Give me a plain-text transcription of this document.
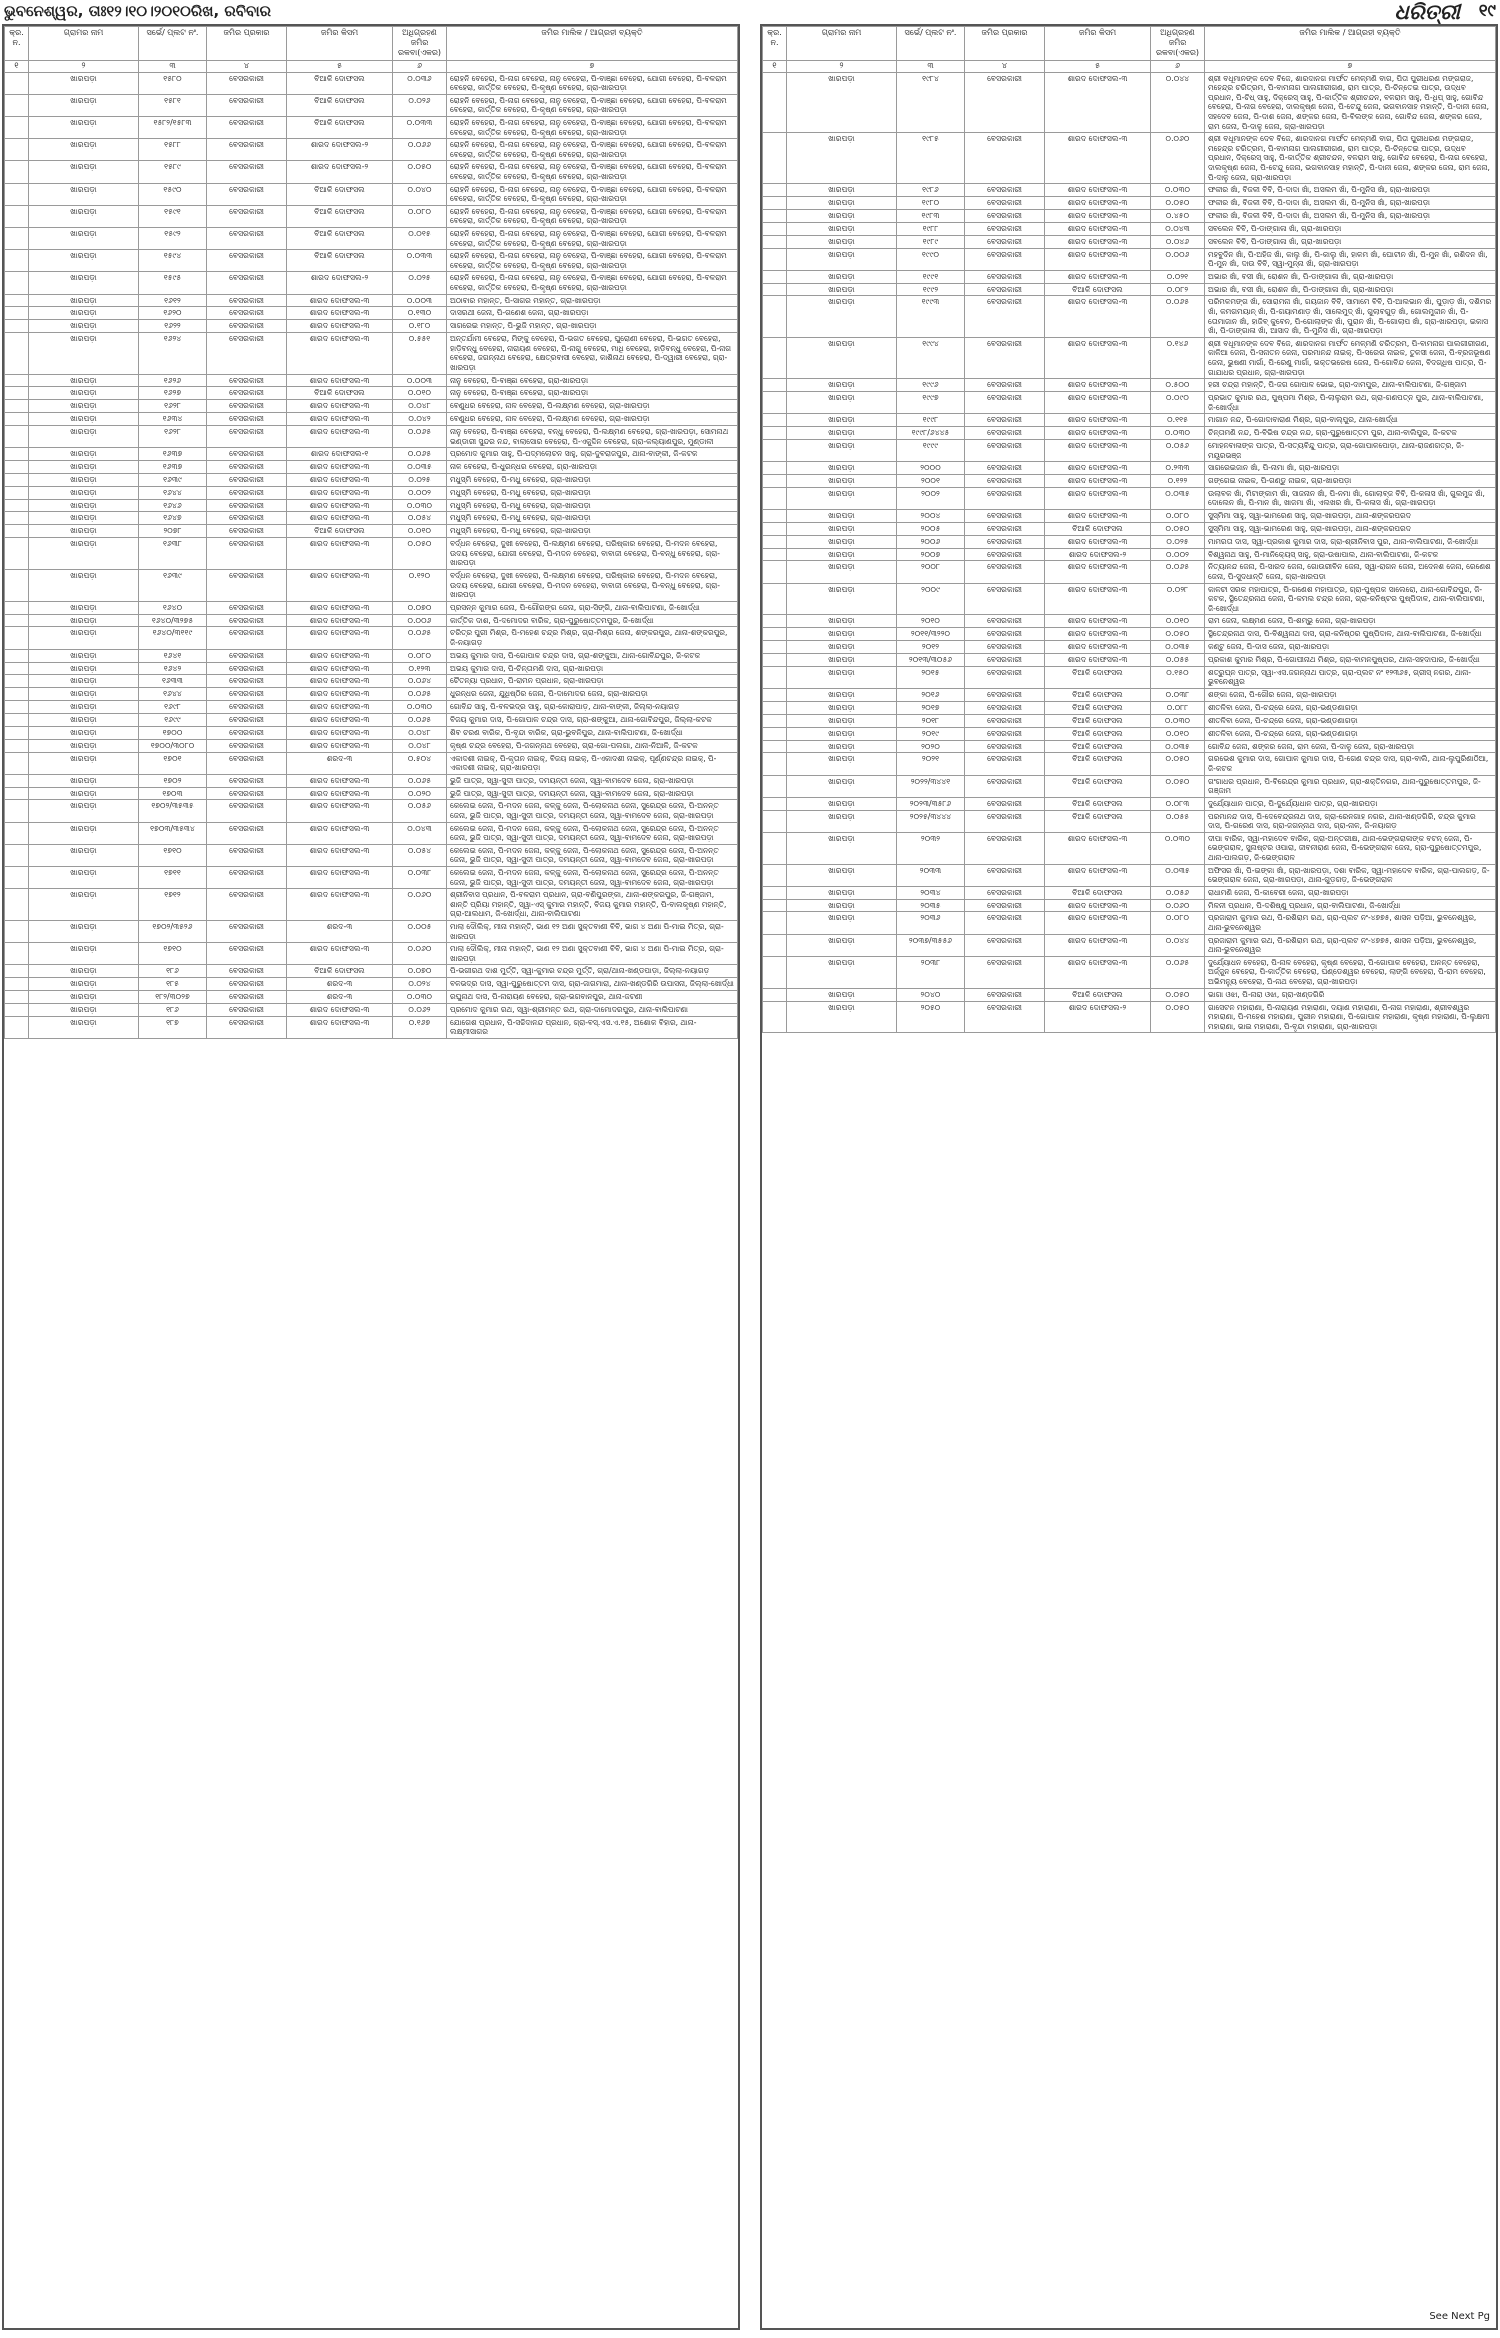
ଭୁବନେଶ୍ୱର, ତାଃ୧୨।୧୦।୨୦୧୦ରିଖ, ରବିବାର	ଧରିତ୍ରୀ ୧୯
କ୍ର. ନ.	ଗ୍ରାମର ନାମ	ସର୍ଭେ/ ପ୍ଲଟ ନଂ.	ଜମିର ପ୍ରକାର	ଜମିର କିସମ	ଅଧିଗ୍ରହଣ ଜମିର ରକବା(ଏକର)	ଜମିର ମାଲିକ / ଆଗ୍ରହୀ ବ୍ୟକ୍ତି
୧	୨	୩	୪	୫	୬	୭
	ଖାରପଡ଼ା	୧୫୮୦	ବେସରକାରୀ	ବିଆଳି ଦୋଫସଲ	୦.୦୩୬	ରୋହନି ବେହେରା, ପି-ନାଗ ବେହେରା, ନାନୁ ବେହେରା, ପି-ବାଞ୍ଛା ବେହେରା, ଯୋଗୀ ବେହେରା, ପି-ବଳରାମ ବେହେରା, କାର୍ତ୍ତିକ ବେହେରା, ପି-କୃଷ୍ଣ ବେହେରା, ଗ୍ରା-ଖାରପଡ଼ା
	ଖାରପଡ଼ା	୧୫୮୧	ବେସରକାରୀ	ବିଆଳି ଦୋଫସଲ	୦.୦୨୬	ରୋହନି ବେହେରା, ପି-ନାଗ ବେହେରା, ନାନୁ ବେହେରା, ପି-ବାଞ୍ଛା ବେହେରା, ଯୋଗୀ ବେହେରା, ପି-ବଳରାମ ବେହେରା, କାର୍ତ୍ତିକ ବେହେରା, ପି-କୃଷ୍ଣ ବେହେରା, ଗ୍ରା-ଖାରପଡ଼ା
	ଖାରପଡ଼ା	୧୫୮୨/୧୫୮୩	ବେସରକାରୀ	ବିଆଳି ଦୋଫସଲ	୦.୦୩୩	ରୋହନି ବେହେରା, ପି-ନାଗ ବେହେରା, ନାନୁ ବେହେରା, ପି-ବାଞ୍ଛା ବେହେରା, ଯୋଗୀ ବେହେରା, ପି-ବଳରାମ ବେହେରା, କାର୍ତ୍ତିକ ବେହେରା, ପି-କୃଷ୍ଣ ବେହେରା, ଗ୍ରା-ଖାରପଡ଼ା
	ଖାରପଡ଼ା	୧୫୮୮	ବେସରକାରୀ	ଶାରଦ ଦୋଫସଲ-୨	୦.୦୬୬	ରୋହନି ବେହେରା, ପି-ନାଗ ବେହେରା, ନାନୁ ବେହେରା, ପି-ବାଞ୍ଛା ବେହେରା, ଯୋଗୀ ବେହେରା, ପି-ବଳରାମ ବେହେରା, କାର୍ତ୍ତିକ ବେହେରା, ପି-କୃଷ୍ଣ ବେହେରା, ଗ୍ରା-ଖାରପଡ଼ା
	ଖାରପଡ଼ା	୧୫୮୯	ବେସରକାରୀ	ଶାରଦ ଦୋଫସଲ-୨	୦.୦୫୦	ରୋହନି ବେହେରା, ପି-ନାଗ ବେହେରା, ନାନୁ ବେହେରା, ପି-ବାଞ୍ଛା ବେହେରା, ଯୋଗୀ ବେହେରା, ପି-ବଳରାମ ବେହେରା, କାର୍ତ୍ତିକ ବେହେରା, ପି-କୃଷ୍ଣ ବେହେରା, ଗ୍ରା-ଖାରପଡ଼ା
	ଖାରପଡ଼ା	୧୫୯୦	ବେସରକାରୀ	ବିଆଳି ଦୋଫସଲ	୦.୦୪୦	ରୋହନି ବେହେରା, ପି-ନାଗ ବେହେରା, ନାନୁ ବେହେରା, ପି-ବାଞ୍ଛା ବେହେରା, ଯୋଗୀ ବେହେରା, ପି-ବଳରାମ ବେହେରା, କାର୍ତ୍ତିକ ବେହେରା, ପି-କୃଷ୍ଣ ବେହେରା, ଗ୍ରା-ଖାରପଡ଼ା
	ଖାରପଡ଼ା	୧୫୯୧	ବେସରକାରୀ	ବିଆଳି ଦୋଫସଲ	୦.୦୮୦	ରୋହନି ବେହେରା, ପି-ନାଗ ବେହେରା, ନାନୁ ବେହେରା, ପି-ବାଞ୍ଛା ବେହେରା, ଯୋଗୀ ବେହେରା, ପି-ବଳରାମ ବେହେରା, କାର୍ତ୍ତିକ ବେହେରା, ପି-କୃଷ୍ଣ ବେହେରା, ଗ୍ରା-ଖାରପଡ଼ା
	ଖାରପଡ଼ା	୧୫୯୨	ବେସରକାରୀ	ବିଆଳି ଦୋଫସଲ	୦.୦୧୫	ରୋହନି ବେହେରା, ପି-ନାଗ ବେହେରା, ନାନୁ ବେହେରା, ପି-ବାଞ୍ଛା ବେହେରା, ଯୋଗୀ ବେହେରା, ପି-ବଳରାମ ବେହେରା, କାର୍ତ୍ତିକ ବେହେରା, ପି-କୃଷ୍ଣ ବେହେରା, ଗ୍ରା-ଖାରପଡ଼ା
	ଖାରପଡ଼ା	୧୫୯୪	ବେସରକାରୀ	ବିଆଳି ଦୋଫସଲ	୦.୦୩୩	ରୋହନି ବେହେରା, ପି-ନାଗ ବେହେରା, ନାନୁ ବେହେରା, ପି-ବାଞ୍ଛା ବେହେରା, ଯୋଗୀ ବେହେରା, ପି-ବଳରାମ ବେହେରା, କାର୍ତ୍ତିକ ବେହେରା, ପି-କୃଷ୍ଣ ବେହେରା, ଗ୍ରା-ଖାରପଡ଼ା
	ଖାରପଡ଼ା	୧୫୯୫	ବେସରକାରୀ	ଶାରଦ ଦୋଫସଲ-୨	୦.୦୨୫	ରୋହନି ବେହେରା, ପି-ନାଗ ବେହେରା, ନାନୁ ବେହେରା, ପି-ବାଞ୍ଛା ବେହେରା, ଯୋଗୀ ବେହେରା, ପି-ବଳରାମ ବେହେରା, କାର୍ତ୍ତିକ ବେହେରା, ପି-କୃଷ୍ଣ ବେହେରା, ଗ୍ରା-ଖାରପଡ଼ା
	ଖାରପଡ଼ା	୧୬୧୨	ବେସରକାରୀ	ଶାରଦ ଦୋଫସଲ-୩	୦.୦୦୩	ଅଠାବାର ମହାନ୍ତ, ପି-ସାଗର ମହାନ୍ତ, ଗ୍ରା-ଖାରପଡ଼ା
	ଖାରପଡ଼ା	୧୬୨୦	ବେସରକାରୀ	ଶାରଦ ଦୋଫସଲ-୩	୦.୧୩୦	ଦାସରଥୀ ଜେନା, ପି-ଗଣେଶ ଜେନା, ଗ୍ରା-ଖାରପଡ଼ା
	ଖାରପଡ଼ା	୧୬୨୨	ବେସରକାରୀ	ଶାରଦ ଦୋଫସଲ-୩	୦.୧୮୦	ସାଗରେଇ ମହାନ୍ତ, ପି-ଭୁଜି ମହାନ୍ତ, ଗ୍ରା-ଖାରପଡ଼ା
	ଖାରପଡ଼ା	୧୬୨୪	ବେସରକାରୀ	ଶାରଦ ଦୋଫସଲ-୩	୦.୫୫୧	ଅନ୍ତର୍ଯାମୀ ବେହେରା, ମିଙ୍କୁ ବେହେରା, ପି-ଭଗତ ବେହେରା, ଘୁରୋଣୀ ବେହେରା, ପି-ଭଗତ ବେହେରା, ହାଡ଼ିବନ୍ଧୁ ବେହେରା, ନାରାୟଣ ବେହେରା, ପି-ନାଗୁ ବେହେରା, ମାଧି ବେହେରା, ହାଡ଼ିବନ୍ଧୁ ବେହେରା, ପି-ନାଗ ବେହେରା, ଜଗନ୍ନାଥ ବେହେରା, କ୍ଷେତ୍ରବାସୀ ବେହେରା, କାଶିନାଥ ବେହେରା, ପି-ଦ୍ୱାରୀ ବେହେରା, ଗ୍ରା-ଖାରପଡ଼ା
	ଖାରପଡ଼ା	୧୬୨୬	ବେସରକାରୀ	ଶାରଦ ଦୋଫସଲ-୩	୦.୦୦୩	ନାନୁ ବେହେରା, ପି-ବାଞ୍ଛା ବେହେରା, ଗ୍ରା-ଖାରପଡ଼ା
	ଖାରପଡ଼ା	୧୬୨୭	ବେସରକାରୀ	ବିଆଳି ଦୋଫସଲ	୦.୦୧୦	ନାନୁ ବେହେରା, ପି-ବାଞ୍ଛା ବେହେରା, ଗ୍ରା-ଖାରପଡ଼ା
	ଖାରପଡ଼ା	୧୬୨୮	ବେସରକାରୀ	ଶାରଦ ଦୋଫସଲ-୩	୦.୦୪୮	ବେଣୁଧର ବେହେରା, ନାଳ ବେହେରା, ପି-ଲକ୍ଷ୍ମଣ ବେହେରା, ଗ୍ରା-ଖାରପଡ଼ା
	ଖାରପଡ଼ା	୧୬୩୪	ବେସରକାରୀ	ଶାରଦ ଦୋଫସଲ-୩	୦.୦୪୨	ବେଣୁଧର ବେହେରା, ନାଳ ବେହେରା, ପି-ଲକ୍ଷ୍ମଣ ବେହେରା, ଗ୍ରା-ଖାରପଡ଼ା
	ଖାରପଡ଼ା	୧୬୨୮	ବେସରକାରୀ	ଶାରଦ ଦୋଫସଲ-୩	୦.୦୬୫	ନାନୁ ବେହେରା, ପି-ବାଞ୍ଛା ବେହେରା, ବନ୍ଧୁ ବେହେରା, ପି-ଲକ୍ଷ୍ମଣ ବେହେରା, ଗ୍ରା-ଖାରପଡ଼ା, ସୋମନାଥ ଭଣ୍ଡାରୀ ସୁନ୍ଦର ନନ୍ଦ, ବାଲାସୋର ବେହେରା, ପି-ଏକୁଦ୍ଦିନ ବେହେରା, ଗ୍ରା-କଲ୍ୟାଣପୁର, ମୁଣ୍ଡାଳୀ
	ଖାରପଡ଼ା	୧୬୩୭	ବେସରକାରୀ	ଶାରଦ ଦୋଫସଲ-୧	୦.୦୬୫	ପ୍ରମୋଦ କୁମାର ସାହୁ, ପି-ପଦ୍ମଲୋଚନ ସାହୁ, ଗ୍ରା-ଦୁବରାଜପୁର, ଥାନା-ବାଙ୍କୀ, ଜି-କଟକ
	ଖାରପଡ଼ା	୧୬୩୭	ବେସରକାରୀ	ଶାରଦ ଦୋଫସଲ-୩	୦.୦୩୫	ନାଳ ବେହେରା, ପି-ଧୁରନ୍ଧର ବେହେରା, ଗ୍ରା-ଖାରପଡ଼ା
	ଖାରପଡ଼ା	୧୬୩୯	ବେସରକାରୀ	ଶାରଦ ଦୋଫସଲ-୩	୦.୦୨୫	ମଧୁସ୍ମି ବେହେରା, ପି-ମଧୁ ବେହେରା, ଗ୍ରା-ଖାରପଡ଼ା
	ଖାରପଡ଼ା	୧୬୪୪	ବେସରକାରୀ	ଶାରଦ ଦୋଫସଲ-୩	୦.୦୦୨	ମଧୁସ୍ମି ବେହେରା, ପି-ମଧୁ ବେହେରା, ଗ୍ରା-ଖାରପଡ଼ା
	ଖାରପଡ଼ା	୧୬୪୬	ବେସରକାରୀ	ଶାରଦ ଦୋଫସଲ-୩	୦.୦୩୦	ମଧୁସ୍ମି ବେହେରା, ପି-ମଧୁ ବେହେରା, ଗ୍ରା-ଖାରପଡ଼ା
	ଖାରପଡ଼ା	୧୬୪୭	ବେସରକାରୀ	ଶାରଦ ଦୋଫସଲ-୩	୦.୦୫୪	ମଧୁସ୍ମି ବେହେରା, ପି-ମଧୁ ବେହେରା, ଗ୍ରା-ଖାରପଡ଼ା
	ଖାରପଡ଼ା	୨୦୭୮	ବେସରକାରୀ	ବିଆଳି ଦୋଫସଲ	୦.୦୧୦	ମଧୁସ୍ମି ବେହେରା, ପି-ମଧୁ ବେହେରା, ଗ୍ରା-ଖାରପଡ଼ା
	ଖାରପଡ଼ା	୧୬୩୮	ବେସରକାରୀ	ଶାରଦ ଦୋଫସଲ-୩	୦.୦୫୦	ବର୍ଦ୍ଧନ ବେହେରା, ଦୁଖୀ ବେହେରା, ପି-ଲକ୍ଷ୍ମଣ ବେହେରା, ପରିଷ୍କାର ବେହେରା, ପି-ମଦନ ବେହେରା, ଉଦୟ ବେହେରା, ଯୋଗୀ ବେହେରା, ପି-ମଦନ ବେହେରା, ବାବାଜୀ ବେହେରା, ପି-ବନ୍ଧୁ ବେହେରା, ଗ୍ରା-ଖାରପଡ଼ା
	ଖାରପଡ଼ା	୧୬୩୯	ବେସରକାରୀ	ଶାରଦ ଦୋଫସଲ-୩	୦.୧୨୦	ବର୍ଦ୍ଧନ ବେହେରା, ଦୁଖୀ ବେହେରା, ପି-ଲକ୍ଷ୍ମଣ ବେହେରା, ପରିଷ୍କାର ବେହେରା, ପି-ମଦନ ବେହେରା, ଉଦୟ ବେହେରା, ଯୋଗୀ ବେହେରା, ପି-ମଦନ ବେହେରା, ବାବାଜୀ ବେହେରା, ପି-ବନ୍ଧୁ ବେହେରା, ଗ୍ରା-ଖାରପଡ଼ା
	ଖାରପଡ଼ା	୧୬୪୦	ବେସରକାରୀ	ଶାରଦ ଦୋଫସଲ-୩	୦.୦୭୦	ପ୍ରସନ୍ନ କୁମାର ଜେନା, ପି-ଗୌରଙ୍ଗ ଜେନା, ଗ୍ରା-ସିଙ୍ଗି, ଥାନା-ବାଲିପାଟଣା, ଜି-ଖୋର୍ଦ୍ଧା
	ଖାରପଡ଼ା	୧୬୪୦/୩୨୭୫	ବେସରକାରୀ	ଶାରଦ ଦୋଫସଲ-୩	୦.୦୦୬	କାର୍ତ୍ତିକ ଦାଶ, ପି-ଦମୋଦର ବାରିକ, ଗ୍ରା-ପୁରୁଷୋତ୍ତମପୁର, ଜି-ଖୋର୍ଦ୍ଧା
	ଖାରପଡ଼ା	୧୬୪୦/୩୧୧୯	ବେସରକାରୀ	ଶାରଦ ଦୋଫସଲ-୩	୦.୦୬୫	ଚରିତ୍ର ପୁରୀ ମିଶ୍ର, ପି-ମହେଶ ଚନ୍ଦ୍ର ମିଶ୍ର, ଗ୍ରା-ମିଶ୍ର ଜେନା, ଶଙ୍କରପୁର, ଥାନା-ଶଙ୍କରପୁର, ଜି-ନୟାଗଡ଼
	ଖାରପଡ଼ା	୧୬୪୧	ବେସରକାରୀ	ଶାରଦ ଦୋଫସଲ-୩	୦.୦୮୦	ଅଭୟ କୁମାର ଦାସ, ପି-ଗୋପାଳ ଚନ୍ଦ୍ର ଦାସ, ଗ୍ରା-ଶଙ୍କୁଆ, ଥାନା-ଗୋବିନ୍ଦପୁର, ଜି-କଟକ
	ଖାରପଡ଼ା	୧୬୪୨	ବେସରକାରୀ	ଶାରଦ ଦୋଫସଲ-୩	୦.୧୨୩	ଅଭୟ କୁମାର ଦାସ, ପି-ଚିନ୍ତାମଣି ଦାସ, ଗ୍ରା-ଖାରପଡ଼ା
	ଖାରପଡ଼ା	୧୬୩୩	ବେସରକାରୀ	ଶାରଦ ଦୋଫସଲ-୩	୦.୦୬୪	ଚୈତନ୍ୟା ପ୍ରଧାନ, ପି-ରାମନ ପ୍ରଧାନ, ଗ୍ରା-ଖାରପଡ଼ା
	ଖାରପଡ଼ା	୧୬୪୪	ବେସରକାରୀ	ଶାରଦ ଦୋଫସଲ-୩	୦.୦୬୫	ଧୁରନ୍ଧର ଜେନା, ଯୁଧିଷ୍ଠିର ଜେନା, ପି-ଦାମୋଦର ଜେନା, ଗ୍ରା-ଖାରପଡ଼ା
	ଖାରପଡ଼ା	୧୬୯୮	ବେସରକାରୀ	ଶାରଦ ଦୋଫସଲ-୩	୦.୦୩୦	ଗୋବିନ୍ଦ ସାହୁ, ପି-ବଳଭଦ୍ର ସାହୁ, ଗ୍ରା-କୋରାପାଡ଼, ଥାନା-ବାଙ୍କୀ, ଜିଲ୍ଲା-ନୟାଗଡ଼
	ଖାରପଡ଼ା	୧୬୯୯	ବେସରକାରୀ	ଶାରଦ ଦୋଫସଲ-୩	୦.୦୬୫	ବିଜୟ କୁମାର ଦାସ, ପି-ଗୋପାଳ ଚନ୍ଦ୍ର ଦାସ, ଗ୍ରା-ଶଙ୍କୁଆ, ଥାନା-ଗୋବିନ୍ଦପୁର, ଜିଲ୍ଲା-କଟକ
	ଖାରପଡ଼ା	୧୭୦୦	ବେସରକାରୀ	ଶାରଦ ଦୋଫସଲ-୩	୦.୦୪୮	ଶିବ ଚରଣ ବାରିକ, ପି-ବୃନ୍ଦା ବାରିକ, ଗ୍ରା-ଭୁବନିପୁର, ଥାନା-ବାଲିପାଟଣା, ଜି-ଖୋର୍ଦ୍ଧା
	ଖାରପଡ଼ା	୧୭୦୦/୩୦୮୦	ବେସରକାରୀ	ଶାରଦ ଦୋଫସଲ-୩	୦.୦୪୮	କୃଷ୍ଣ ଚନ୍ଦ୍ର ବେହେରା, ପି-ଜଗନ୍ନାଥ ବେହେରା, ଗ୍ରା-ଗୋ-ପଲଗା, ଥାନା-ନିଆଳି, ଜି-କଟକ
	ଖାରପଡ଼ା	୧୭୦୧	ବେସରକାରୀ	ଶରଦ-୩	୦.୫୦୪	ଏକାଦଶୀ ନାଇକ୍, ପି-କୃତାନ ନାଇକ୍, ବିଜୟ ନାଇକ୍, ପି-ଏକାଦଶୀ ନାଇକ୍, ପୂର୍ଣ୍ଣଚନ୍ଦ୍ର ନାଇକ୍, ପି-ଏକାଦଶୀ ନାଇକ୍, ଗ୍ରା-ଖାରପଡ଼ା
	ଖାରପଡ଼ା	୧୭୦୨	ବେସରକାରୀ	ଶାରଦ ଦୋଫସଲ-୩	୦.୦୬୫	ଭୁଜି ପାତ୍ର, ସ୍ୱା-ସୁଦୀ ପାତ୍ର, ଦମୟନ୍ତୀ ଜେନା, ସ୍ୱା-ବାମଦେବ ଜେନା, ଗ୍ରା-ଖାରପଡ଼ା
	ଖାରପଡ଼ା	୧୭୦୩	ବେସରକାରୀ	ଶାରଦ ଦୋଫସଲ-୩	୦.୦୨୦	ଭୁଜି ପାତ୍ର, ସ୍ୱା-ସୁଦୀ ପାତ୍ର, ଦମୟନ୍ତୀ ଜେନା, ସ୍ୱା-ବାମଦେବ ଜେନା, ଗ୍ରା-ଖାରପଡ଼ା
	ଖାରପଡ଼ା	୧୭୦୨/୩୫୩୫	ବେସରକାରୀ	ଶାରଦ ଦୋଫସଲ-୩	୦.୦୫୬	କେଲେଇ ଜେନା, ପି-ମଦନ ଜେନା, କଳ୍କୁ ଜେନା, ପି-ଲୋକନାଥ ଜେନା, ସୁରେନ୍ଦ୍ର ଜେନା, ପି-ଅନନ୍ତ ଜେନା, ଭୁଜି ପାତ୍ର, ସ୍ୱା-ସୁଦୀ ପାତ୍ର, ଦମୟନ୍ତୀ ଜେନା, ସ୍ୱା-ବାମଦେବ ଜେନା, ଗ୍ରା-ଖାରପଡ଼ା
	ଖାରପଡ଼ା	୧୭୦୩/୩୫୩୪	ବେସରକାରୀ	ଶାରଦ ଦୋଫସଲ-୩	୦.୦୪୩	କେଲେଇ ଜେନା, ପି-ମଦନ ଜେନା, କଳ୍କୁ ଜେନା, ପି-ଲୋକନାଥ ଜେନା, ସୁରେନ୍ଦ୍ର ଜେନା, ପି-ଅନନ୍ତ ଜେନା, ଭୁଜି ପାତ୍ର, ସ୍ୱା-ସୁଦୀ ପାତ୍ର, ଦମୟନ୍ତୀ ଜେନା, ସ୍ୱା-ବାମଦେବ ଜେନା, ଗ୍ରା-ଖାରପଡ଼ା
	ଖାରପଡ଼ା	୧୭୧୦	ବେସରକାରୀ	ଶାରଦ ଦୋଫସଲ-୩	୦.୦୫୪	କେଲେଇ ଜେନା, ପି-ମଦନ ଜେନା, କଳ୍କୁ ଜେନା, ପି-ଲୋକନାଥ ଜେନା, ସୁରେନ୍ଦ୍ର ଜେନା, ପି-ଅନନ୍ତ ଜେନା, ଭୁଜି ପାତ୍ର, ସ୍ୱା-ସୁଦୀ ପାତ୍ର, ଦମୟନ୍ତୀ ଜେନା, ସ୍ୱା-ବାମଦେବ ଜେନା, ଗ୍ରା-ଖାରପଡ଼ା
	ଖାରପଡ଼ା	୧୭୧୧	ବେସରକାରୀ	ଶାରଦ ଦୋଫସଲ-୩	୦.୦୩୮	କେଲେଇ ଜେନା, ପି-ମଦନ ଜେନା, କଳ୍କୁ ଜେନା, ପି-ଲୋକନାଥ ଜେନା, ସୁରେନ୍ଦ୍ର ଜେନା, ପି-ଅନନ୍ତ ଜେନା, ଭୁଜି ପାତ୍ର, ସ୍ୱା-ସୁଦୀ ପାତ୍ର, ଦମୟନ୍ତୀ ଜେନା, ସ୍ୱା-ବାମଦେବ ଜେନା, ଗ୍ରା-ଖାରପଡ଼ା
	ଖାରପଡ଼ା	୧୭୧୨	ବେସରକାରୀ	ଶାରଦ ଦୋଫସଲ-୩	୦.୦୬୦	ଶ୍ରୀନିବାସ ପ୍ରଧାନ, ପି-ବଳରାମ ପ୍ରଧାନ, ଗ୍ରା-ବଣିପୁରଙ୍କା, ଥାନା-ଶଙ୍କରପୁର, ଜି-ଗଞ୍ଜାମ, ଶାନ୍ତି ପ୍ରିୟା ମହାନ୍ତି, ସ୍ୱା-ଏସ୍ କୁମାର ମହାନ୍ତି, ବିଜୟ କୁମାର ମହାନ୍ତି, ପି-ବାଲକୃଷ୍ଣ ମହାନ୍ତି, ଗ୍ରା-ଆଲଧାମ, ଜି-ଖୋର୍ଦ୍ଧା, ଥାନା-ବାଲିପାଟଣା
	ଖାରପଡ଼ା	୧୭୦୨/୩୫୨୬	ବେସରକାରୀ	ଶରଦ-୩	୦.୦୦୫	ମାଲା ଦୌଲିକ୍, ମୀନା ମହାନ୍ତି, ଭାଣ ୧୨ ଅଣା ସୁକ୍ତବାଣୀ ବିବି, ଭାଗ ୪ ଅଣା ପି-ମାଇ ମିତ୍ର, ଗ୍ରା-ଖାରପଡ଼ା
	ଖାରପଡ଼ା	୧୭୧୦	ବେସରକାରୀ	ଶାରଦ ଦୋଫସଲ-୩	୦.୦୬୦	ମାଲା ଦୌଲିକ୍, ମୀନା ମହାନ୍ତି, ଭାଣ ୧୨ ଅଣା ସୁକ୍ତବାଣୀ ବିବି, ଭାଗ ୪ ଅଣା ପି-ମାଇ ମିତ୍ର, ଗ୍ରା-ଖାରପଡ଼ା
	ଖାରପଡ଼ା	୧୮୬	ବେସରକାରୀ	ବିଆଳି ଦୋଫସଲ	୦.୦୭୦	ପି-ଭଗୀରଥ ଦାଶ ମୁର୍ତ୍ତି, ସ୍ୱା-କୁମାର ଚନ୍ଦ୍ର ମୁର୍ତ୍ତି, ଗ୍ରା/ଥାନା-ଖଣ୍ଡପାଡ଼ା, ଜିଲ୍ଲା-ନୟାଗଡ଼
	ଖାରପଡ଼ା	୧୮୫	ବେସରକାରୀ	ଶରଦ-୩	୦.୦୨୪	ବଳଭଦ୍ର ଦାସ, ସ୍ୱା-ପୁରୁଷୋତ୍ତମ ଦାସ, ଗ୍ରା-ଜାଗମାରା, ଥାନା-ଖଣ୍ଡଗିରି ଉପାସନା, ଜିଲ୍ଲା-ଖୋର୍ଦ୍ଧା
	ଖାରପଡ଼ା	୧୮୨/୩୦୨୭	ବେସରକାରୀ	ଶରଦ-୩	୦.୦୩୦	ରଘୁନାଥ ଦାସ, ପି-ନାରାୟଣ ବେହେରା, ଗ୍ରା-ଭଗବାନପୁର, ଥାନା-ଜଟଣୀ
	ଖାରପଡ଼ା	୧୮୬	ବେସରକାରୀ	ଶାରଦ ଦୋଫସଲ-୩	୦.୦୬୨	ପ୍ରମୋଦ କୁମାର ରଥ, ସ୍ୱା-ଶ୍ରୀମନ୍ତ ରଥ, ଗ୍ରା-ଦାମୋଦରପୁର, ଥାନା-ବାଲିପାଟଣା
	ଖାରପଡ଼ା	୧୮୭	ବେସରକାରୀ	ଶାରଦ ଦୋଫସଲ-୩	୦.୧୬୭	ଯୋଗେଶ ପ୍ରଧାନ, ପି-ସଚ୍ଚିଦାନନ୍ଦ ପ୍ରଧାନ, ଗ୍ରା-ବସ୍.ଏସ.ଏ.୧୫, ଅଶୋକ ବିହାର, ଥାନା-ଲକ୍ଷ୍ମୀସାଗର
କ୍ର. ନ.	ଗ୍ରାମର ନାମ	ସର୍ଭେ/ ପ୍ଲଟ ନଂ.	ଜମିର ପ୍ରକାର	ଜମିର କିସମ	ଅଧିଗ୍ରହଣ ଜମିର ରକବା(ଏକର)	ଜମିର ମାଲିକ / ଆଗ୍ରହୀ ବ୍ୟକ୍ତି
୧	୨	୩	୪	୫	୬	୭
	ଖାରପଡ଼ା	୧୯୮୪	ବେସରକାରୀ	ଶାରଦ ଦୋଫସଲ-୩	୦.୦୪୪	ଶ୍ରୀ ବଧୂମାନଙ୍କ ଦେବ ବିଜେ, ଶାରଦାନଗ ମାର୍ଫତ ମେଳ୍ମଣି ବାଗ, ପିତା ପୁରୀଧରଣ ମଙ୍ଗରାଜ, ମହେନ୍ଦ୍ର ଚରିତ୍ରମ, ପି-ବାମନାଗ ପାଲଗୀରୀଗଣ, ରାମ ପାତ୍ର, ପି-ଚିନ୍ତେଇ ପାତ୍ର, ଉଦ୍ଧବ ପ୍ରଧାନ, ପି-ଚିଧ୍ ସାହୁ, ଦିକ୍ରେସ୍ ସାହୁ, ପି-କାର୍ତ୍ତିକ ଶ୍ରୀଚନ୍ଦନ, ବଳରାମ ସାହୁ, ପି-ଧିପ୍ ସାହୁ, ଗୋବିନ୍ଦ ବେହେରା, ପି-ନାଗ ବେହେରା, ଦାଲକୃଷ୍ଣ ଜେନା, ପି-ଟେନ୍ଦୁ ଜେନା, ଭଗବାନସାହ ମହାନ୍ତି, ପି-ଦାନୀ ଜେନା, ସହଦେବ ଜେନା, ପି-ଦାଶ ଜେନା, ଶଙ୍କର ଜେନା, ପି-ବିଲଙ୍କ ଜେନା, ଗୋବିନ୍ଦ ଜେନା, ଶଙ୍କର ଜେନା, ରାମ ଜେନା, ପି-ଦାଳୁ ଜେନା, ଗ୍ରା-ଖାରପଡ଼ା
	ଖାରପଡ଼ା	୧୯୮୫	ବେସରକାରୀ	ଶାରଦ ଦୋଫସଲ-୩	୦.୦୬୦	ଶ୍ରୀ ବଧୂମାନଙ୍କ ଦେବ ବିଜେ, ଶାରଦାନଗ ମାର୍ଫତ ମେଳ୍ମଣି ବାଗ, ପିତା ପୁରୀଧରଣ ମଙ୍ଗରାଜ, ମହେନ୍ଦ୍ର ଚରିତ୍ରମ, ପି-ବାମନାଗ ପାଲଗୀରୀଗଣ, ରାମ ପାତ୍ର, ପି-ଚିନ୍ତେଇ ପାତ୍ର, ଉଦ୍ଧବ ପ୍ରଧାନ, ଦିକ୍ରେସ୍ ସାହୁ, ପି-କାର୍ତ୍ତିକ ଶ୍ରୀଚନ୍ଦନ, ବଳରାମ ସାହୁ, ଗୋବିନ୍ଦ ବେହେରା, ପି-ନାଗ ବେହେରା, ଦାଲକୃଷ୍ଣ ଜେନା, ପି-ଟେନ୍ଦୁ ଜେନା, ଭଗବାନସାହ ମହାନ୍ତି, ପି-ଦାନୀ ଜେନା, ଶଙ୍କର ଜେନା, ରାମ ଜେନା, ପି-ଦାଳୁ ଜେନା, ଗ୍ରା-ଖାରପଡ଼ା
	ଖାରପଡ଼ା	୧୯୮୬	ବେସରକାରୀ	ଶାରଦ ଦୋଫସଲ-୩	୦.୦୩୦	ଫକୀର ଖାଁ, ବିଜଳୀ ବିବି, ପି-ଦାଦା ଖାଁ, ଅସଲମ ଖାଁ, ପି-ମୁନିସ ଖାଁ, ଗ୍ରା-ଖାରପଡ଼ା
	ଖାରପଡ଼ା	୧୯୮୦	ବେସରକାରୀ	ଶାରଦ ଦୋଫସଲ-୩	୦.୦୫୦	ଫକୀର ଖାଁ, ବିଜଳୀ ବିବି, ପି-ଦାଦା ଖାଁ, ଅସଲମ ଖାଁ, ପି-ମୁନିସ ଖାଁ, ଗ୍ରା-ଖାରପଡ଼ା
	ଖାରପଡ଼ା	୧୯୮୩	ବେସରକାରୀ	ଶାରଦ ଦୋଫସଲ-୩	୦.୪୫୦	ଫକୀର ଖାଁ, ବିଜଳୀ ବିବି, ପି-ଦାଦା ଖାଁ, ଅସଲମ ଖାଁ, ପି-ମୁନିସ ଖାଁ, ଗ୍ରା-ଖାରପଡ଼ା
	ଖାରପଡ଼ା	୧୯୮୮	ବେସରକାରୀ	ଶାରଦ ଦୋଫସଲ-୩	୦.୦୪୩	ସବଲେନ ବିବି, ପି-ଡାଙ୍ଗାଳା ଖାଁ, ଗ୍ରା-ଖାରପଡ଼ା
	ଖାରପଡ଼ା	୧୯୮୯	ବେସରକାରୀ	ଶାରଦ ଦୋଫସଲ-୩	୦.୦୪୬	ସବଲେନ ବିବି, ପି-ଡାଙ୍ଗାଳା ଖାଁ, ଗ୍ରା-ଖାରପଡ଼ା
	ଖାରପଡ଼ା	୧୯୯୦	ବେସରକାରୀ	ଶାରଦ ଦୋଫସଲ-୩	୦.୦୦୬	ମହବୁଦିନ ଖାଁ, ପି-ଅହିଜ ଖାଁ, କାଲୁ ଖାଁ, ପି-କାଲୁ ଖାଁ, ହାଳମ ଖାଁ, ଘୋଟୀନ ଖାଁ, ପି-ମୁନ ଖାଁ, ରଶିଦନ ଖାଁ, ପି-ମୁନ ଖାଁ, ଦାଉ ବିବି, ସ୍ୱା-ମୁନ୍ନା ଖାଁ, ଗ୍ରା-ଖାରପଡ଼ା
	ଖାରପଡ଼ା	୧୯୯୧	ବେସରକାରୀ	ଶାରଦ ଦୋଫସଲ-୩	୦.୦୨୧	ଅଭାର ଖାଁ, ବସୀ ଖାଁ, ରୋଶନ ଖାଁ, ପି-ଡାଙ୍ଗାଳା ଖାଁ, ଗ୍ରା-ଖାରପଡ଼ା
	ଖାରପଡ଼ା	୧୯୯୨	ବେସରକାରୀ	ବିଆଳି ଦୋଫସଲ	୦.୦୮୨	ଅଭାର ଖାଁ, ବସୀ ଖାଁ, ରୋଶନ ଖାଁ, ପି-ଡାଙ୍ଗାଳା ଖାଁ, ଗ୍ରା-ଖାରପଡ଼ା
	ଖାରପଡ଼ା	୧୯୯୩	ବେସରକାରୀ	ଶାରଦ ଦୋଫସଲ-୩	୦.୦୬୫	ପରିମଳମଙ୍ଗ ଖାଁ, ସୋରାମନା ଖାଁ, ଗୟଜାନ ବିବି, ସାମାମେ ବିବି, ପି-ଆଲଭାନ ଖାଁ, ପୁଡ଼ାଡ଼ ଖାଁ, ଦଶିମର ଖାଁ, କମଗମୟାନ୍ ଖାଁ, ପି-ଗୟାମଣାଡ଼ ଖାଁ, ସାଲେମୁଦ୍ ଖାଁ, ଗୁଲାବଗୁଡ଼ ଖାଁ, ଗୋଲମୁଦ୍ଦୀନ ଖାଁ, ପି-ତୋମାଜାନ ଖାଁ, ହାଜିବ୍ କୁବେନ, ପି-ଗୋଲାଙ୍କ ଖାଁ, ପୁରାନ ଖାଁ, ପି-ଗୋଲାପ ଖାଁ, ଗ୍ରା-ଖାରପଡ଼ା, ଇକାସ ଖାଁ, ପି-ଡାଙ୍ଗାଳା ଖାଁ, ଆସାଦ ଖାଁ, ପି-ମୁନିସ ଖାଁ, ଗ୍ରା-ଖାରପଡ଼ା
	ଖାରପଡ଼ା	୧୯୯୪	ବେସରକାରୀ	ଶାରଦ ଦୋଫସଲ-୩	୦.୧୪୬	ଶ୍ରୀ ବଧୂମାନଙ୍କ ଦେବ ବିଜେ, ଶାରଦାନଗ ମାର୍ଫତ ମେଳ୍ମଣି ଚରିତ୍ରମ, ପି-ବାମନାଗ ପାଲଗୀରୀଗଣ, କାଳିଆ ଜେନା, ପି-ସନାତନ ଜେନା, ପରମାନନ୍ଦ ନାଇକ୍, ପି-ସରେଗ ନାଇକ, ତୁଳସୀ ଜେନା, ପି-ବ୍ରଜଭୂଷଣ ଜେନା, ଭୁଷଣୀ ମାର୍ଗା, ପି-ରେଣୁ ମାର୍ଗା, ଭକ୍ତଭରେଷ ଜେନା, ପି-ଗୋବିନ୍ଦ ଜେନା, ବିଦଗ୍ଧିଷ ପାତ୍ର, ପି-ଗାଯାଧର ପ୍ରଧାନ, ଗ୍ରା-ଖାରପଡ଼ା
	ଖାରପଡ଼ା	୧୯୯୬	ବେସରକାରୀ	ଶାରଦ ଦୋଫସଲ-୩	୦.୫୦୦	ହରୀ ଚନ୍ଦ୍ରା ମହାନ୍ତି, ପି-ଜଗ ଗୋପାଳ ଭୋଇ, ଗ୍ରା-ଦାମପୁର, ଥାନା-ବାଲିପାଟଣା, ଜି-ଗଞ୍ଜାମ
	ଖାରପଡ଼ା	୧୯୯୭	ବେସରକାରୀ	ଶାରଦ ଦୋଫସଲ-୩	୦.୦୯୦	ପ୍ରଭାତ କୁମାର ରଥ, ପୁଷ୍ପମା ମିଶ୍ର, ପି-ଲାଲୁରାମ ରଥ, ଗ୍ରା-ଗଣପତ୍ନ ପୁର, ଥାନା-ବାଲିପାଟଣା, ଜି-ଖୋର୍ଦ୍ଧା
	ଖାରପଡ଼ା	୧୯୯୮	ବେସରକାରୀ	ଶାରଦ ଦୋଫସଲ-୩	୦.୧୧୫	ମାଗାନ ନନ୍ଦ, ପି-ଗୋଦାବାରାଣ ମିଶ୍ର, ଗ୍ରା-ବାଲ୍ପୁର, ଥାନା-ଖୋର୍ଦ୍ଧା
	ଖାରପଡ଼ା	୧୯୯୮/୬୪୪୫	ବେସରକାରୀ	ଶାରଦ ଦୋଫସଲ-୩	୦.୦୩୦	ଚିନ୍ତାମଣି ନନ୍ଦ, ପି-ବିଭିଷ ଚନ୍ଦ୍ର ନନ୍ଦ, ଗ୍ରା-ପୁରୁଷୋତ୍ତମ ପୁର, ଥାନା-ବାଲିପୁର, ଜି-କଟକ
	ଖାରପଡ଼ା	୧୯୯୯	ବେସରକାରୀ	ଶାରଦ ଦୋଫସଲ-୩	୦.୦୫୬	ମୋହନବାଳାଙ୍କ ପାତ୍ର, ପି-ସତ୍ୟବିନ୍ଦୁ ପାତ୍ର, ଗ୍ରା-ଗୋପାଳପୋଡ଼ା, ଥାନା-ରାଜଣଗତ୍ର, ଜି-ମୟୂରଭଞ୍ଜ
	ଖାରପଡ଼ା	୨୦୦୦	ବେସରକାରୀ	ଶାରଦ ଦୋଫସଲ-୩	୦.୨୩୩	ସାଗରେଇଜାନ ଖାଁ, ପି-ନାମା ଖାଁ, ଗ୍ରା-ଖାରପଡ଼ା
	ଖାରପଡ଼ା	୨୦୦୧	ବେସରକାରୀ	ଶାରଦ ଦୋଫସଲ-୩	୦.୧୨୨	ଗଙ୍ଗେଇ ନାଇକ, ପି-ଗଣ୍ଡୁ ନାଇକ, ଗ୍ରା-ଖାରପଡ଼ା
	ଖାରପଡ଼ା	୨୦୦୨	ବେସରକାରୀ	ଶାରଦ ଦୋଫସଲ-୩	୦.୦୩୫	ଉଲାବକ ଖାଁ, ମିଟାଙ୍କାମ ଖାଁ, ସାଜନାନ ଖାଁ, ପି-ନମା ଖାଁ, ଗୋଲାବ୍ଜ ବିବି, ପି-କଳାସ ଖାଁ, ଗୁଲମୁଦ୍ଦ ଖାଁ, ଦୋଲେନ ଖାଁ, ପି-ମାନ ଖାଁ, ଖାଜମା ଖାଁ, ଏଲଖର ଖାଁ, ପି-କଳାସ ଖାଁ, ଗ୍ରା-ଖାରପଡ଼ା
	ଖାରପଡ଼ା	୨୦୦୪	ବେସରକାରୀ	ଶାରଦ ଦୋଫସଲ-୩	୦.୦୮୦	ସୁସ୍ମିମା ସାହୁ, ସ୍ୱା-ଭାମରେଣ ସାହୁ, ଗ୍ରା-ଖାରପଡ଼ା, ଥାନା-ଶଙ୍କରପରଦ
	ଖାରପଡ଼ା	୨୦୦୫	ବେସରକାରୀ	ବିଆଳି ଦୋଫସଲ	୦.୦୫୦	ସୁସ୍ମିମା ସାହୁ, ସ୍ୱା-ଭାମରେଣ ସାହୁ, ଗ୍ରା-ଖାରପଡ଼ା, ଥାନା-ଶଙ୍କରପରଦ
	ଖାରପଡ଼ା	୨୦୦୬	ବେସରକାରୀ	ଶାରଦ ଦୋଫସଲ-୩	୦.୦୨୫	ମାମରତା ଦାସ, ସ୍ୱା-ପ୍ରକାଶ କୁମାର ଦାସ, ଗ୍ରା-ଶ୍ରୀନିବାସ ପୁର, ଥାନା-ବାଲିପାଟଣା, ଜି-ଖୋର୍ଦ୍ଧା
	ଖାରପଡ଼ା	୨୦୦୭	ବେସରକାରୀ	ଶାରଦ ଦୋଫସଲ-୨	୦.୦୦୨	ବିଶ୍ୱନାଥ ସାହୁ, ପି-ମାନିକ୍ୟେସ୍ ସାହୁ, ଗ୍ରା-ଉଷାପାଲ, ଥାନା-ବାଲିପାଟଣା, ଜି-କଟକ
	ଖାରପଡ଼ା	୨୦୦୮	ବେସରକାରୀ	ଶାରଦ ଦୋଫସଲ-୩	୦.୦୬୫	ନିତ୍ୟାନନ୍ଦ ଜେନା, ପି-ସାରଦ ଜେନା, ଗୋଉରୀବିନ ଜେନା, ସ୍ୱା-ରାଗନ ଜେନା, ଅଦେନଶ ଜେନା, ରେଣେଶ ଜେନା, ପି-ସୁଦଧାନ୍ତି ଜେନା, ଗ୍ରା-ଖାରପଡ଼ା
	ଖାରପଡ଼ା	୨୦୦୯	ବେସରକାରୀ	ଶାରଦ ଦୋଫସଲ-୩	୦.୦୨୮	କାଳଚୀ ସରକ ମହାପାତ୍ର, ପି-ଗଣେଶ ମହାପାତ୍ର, ଗ୍ରା-ପୁଷ୍ପକ ସାଲେରୋ, ଥାନା-ଗୋବିନ୍ଦପୁର, ଜି-କଟକ, ସ୍ଥିତେନ୍ଦ୍ରନାଥ ଜେନା, ପି-କମଲ ଚନ୍ଦ୍ର ଜେନା, ଗ୍ରା-କନିଷ୍ଟର ପୁଷ୍ପିଦାଳ, ଥାନା-ବାଲିପାଟଣା, ଜି-ଖୋର୍ଦ୍ଧା
	ଖାରପଡ଼ା	୨୦୧୦	ବେସରକାରୀ	ଶାରଦ ଦୋଫସଲ-୩	୦.୦୧୦	ରାମ ଜେନା, ଲକ୍ଷ୍ମଣ ଜେନା, ପି-ଶମ୍ଭୁ ଜେନା, ଗ୍ରା-ଖାରପଡ଼ା
	ଖାରପଡ଼ା	୨୦୧୧/୩୨୨୦	ବେସରକାରୀ	ଶାରଦ ଦୋଫସଲ-୩	୦.୦୫୦	ସ୍ଥିତେନ୍ଦ୍ରନାଥ ଦାସ, ପି-ବିଶ୍ୱନାଥ ଦାସ, ଗ୍ରା-କନିଷ୍ଠର ପୁଷ୍ପିଦାଳ, ଥାନା-ବାଲିପାଟଣା, ଜି-ଖୋର୍ଦ୍ଧା
	ଖାରପଡ଼ା	୨୦୧୨	ବେସରକାରୀ	ଶାରଦ ଦୋଫସଲ-୩	୦.୦୩୫	କଣ୍ଟୁ ଜେନା, ପି-ଦାସ ଜେନା, ଗ୍ରା-ଖାରପଡ଼ା
	ଖାରପଡ଼ା	୨୦୧୩/୩୦୫୬	ବେସରକାରୀ	ଶାରଦ ଦୋଫସଲ-୩	୦.୦୫୫	ପ୍ରକାଶ କୁମାର ମିଶ୍ର, ପି-ଗୋପୀନାଥ ମିଶ୍ର, ଗ୍ରା-ବାମନପୁଷ୍ପର, ଥାନା-ସହଦାପାର, ଜି-ଖୋର୍ଦ୍ଧା
	ଖାରପଡ଼ା	୨୦୧୫	ବେସରକାରୀ	ବିଆଳି ଦୋଫସଲ	୦.୧୫୦	ଶତ୍ରୁଘ୍ନ ପାତ୍ର, ସ୍ୱା-ଏସ.ଜଗନ୍ନାଥ ପାତ୍ର, ଗ୍ରା-ପ୍ଲଟ ନଂ ୧୨୩୬୫, ଗ୍ରୀସ୍ ନଗର, ଥାନା-ଭୁବନେଶ୍ୱର
	ଖାରପଡ଼ା	୨୦୧୬	ବେସରକାରୀ	ବିଆଳି ଦୋଫସଲ	୦.୦୩୮	ଶଙ୍କା ଜେନା, ପି-ଗୌର ଜେନା, ଗ୍ରା-ଖାରପଡ଼ା
	ଖାରପଡ଼ା	୨୦୧୭	ବେସରକାରୀ	ବିଆଳି ଦୋଫସଲ	୦.୦୮୮	ଶୀତଳିବା ଜେନା, ପି-ଚନ୍ଦ୍ରେ ଜେନା, ଗ୍ରା-ଭଣ୍ଡଣାଗଡ଼ା
	ଖାରପଡ଼ା	୨୦୧୮	ବେସରକାରୀ	ବିଆଳି ଦୋଫସଲ	୦.୦୩୦	ଶୀତଳିବା ଜେନା, ପି-ଚନ୍ଦ୍ରେ ଜେନା, ଗ୍ରା-ଭଣ୍ଡଣାଗଡ଼ା
	ଖାରପଡ଼ା	୨୦୧୯	ବେସରକାରୀ	ବିଆଳି ଦୋଫସଲ	୦.୦୧୦	ଶୀତଳିବା ଜେନା, ପି-ଚନ୍ଦ୍ରେ ଜେନା, ଗ୍ରା-ଭଣ୍ଡଣାଗଡ଼ା
	ଖାରପଡ଼ା	୨୦୨୦	ବେସରକାରୀ	ବିଆଳି ଦୋଫସଲ	୦.୦୩୫	ଗୋବିନ୍ଦ ଜେନା, ଶଙ୍କର ଜେନା, ରାମ ଜେନା, ପି-ଦାଳୁ ଜେନା, ଗ୍ରା-ଖାରପଡ଼ା
	ଖାରପଡ଼ା	୨୦୨୧	ବେସରକାରୀ	ବିଆଳି ଦୋଫସଲ	୦.୦୫୦	ଗରଭେଶ କୁମାର ଦାସ, ଗୋପାଳ କୁମାର ଦାସ, ପି-ଗେଣ ଚନ୍ଦ୍ର ଦାସ, ଗ୍ରା-ବାଲି, ଥାନା-ଲୁପୁରିଣାଠିଆ, ଜି-କଟକ
	ଖାରପଡ଼ା	୨୦୨୨/୩୪୪୧	ବେସରକାରୀ	ବିଆଳି ଦୋଫସଲ	୦.୦୫୦	ଗଂଗାଧର ପ୍ରଧାନ, ପି-ବିରେନ୍ଦ୍ର କୁମାର ପ୍ରଧାନ, ଗ୍ରା-ଶକ୍ତିନଗର, ଥାନା-ପୁରୁଷୋତ୍ତମପୁର, ଜି-ଗଞ୍ଜାମ
	ଖାରପଡ଼ା	୨୦୨୩/୩୫୮୬	ବେସରକାରୀ	ବିଆଳି ଦୋଫସଲ	୦.୦୮୩	ଦୁର୍ଯ୍ୟୋଧାନ ପାତ୍ର, ପି-ଦୁର୍ଯ୍ୟୋଧାନ ପାତ୍ର, ଗ୍ରା-ଖାରପଡ଼ା
	ଖାରପଡ଼ା	୨୦୨୫/୩୪୪୪	ବେସରକାରୀ	ବିଆଳି ଦୋଫସଲ	୦.୦୫୫	ପରମାନନ୍ଦ ଦାସ, ପି-ଦେବେନ୍ଦ୍ରନାଥ ଦାସ, ଗ୍ରା-ରେନଗାହ ନଗର, ଥାନା-ଖଣ୍ଡଗିରି, ଚନ୍ଦ୍ର କୁମାର ଦାସ, ପି-ଗରେଣ ଦାସ, ଗ୍ରା-ଜଗନ୍ନାଥ ଦାସ, ଗ୍ରା-ନାଳ, ଜି-ନୟାଗଡ଼
	ଖାରପଡ଼ା	୨୦୩୨	ବେସରକାରୀ	ଶାରଦ ଦୋଫସଲ-୩	୦.୦୩୦	ଦୀପା ବାରିକ, ସ୍ୱା-ମହାଦେବ ବାରିକ, ଗ୍ରା-ଅନ୍ତରୀକ୍ଷ, ଥାନା-ଭେଙ୍ଗରାଳାଙ୍କ ବଟନ୍ ଜେନା, ପି-ଭେଙ୍ଗରାଳ, ସୁନାଷ୍ଟର ଓପାରା, ଜୀବନୀରାଣ ଜେନା, ପି-ଭେଙ୍ଗରାଳ ଜେନା, ଗ୍ରା-ପୁରୁଷୋତ୍ତମପୁର, ଥାନା-ପାଲଗଡ଼, ଜି-ଭେଙ୍ଗରାଳ
	ଖାରପଡ଼ା	୨୦୩୩	ବେସରକାରୀ	ଶାରଦ ଦୋଫସଲ-୩	୦.୦୩୫	ଅଫିସର ଖାଁ, ପି-ଇଙ୍କା ଖାଁ, ଗ୍ରା-ଖାରପଡ଼ା, ଦଶା ବାରିକ, ସ୍ୱା-ମହାଦେବ ବାରିକ, ଗ୍ରା-ପାଲଗଡ଼, ଜି-ଭେଙ୍ଗରାଳ ଜେନା, ଗ୍ରା-ଖାରପଡ଼ା, ଥାନା-ଗୁଡ଼ଗଡ଼, ଜି-ଭେଙ୍ଗରାଳ
	ଖାରପଡ଼ା	୨୦୩୪	ବେସରକାରୀ	ବିଆଳି ଦୋଫସଲ	୦.୦୫୬	ରାଧାମଣି ଜେନା, ପି-କାବେରୀ ଜେନା, ଗ୍ରା-ଖାରପଡ଼ା
	ଖାରପଡ଼ା	୨୦୩୫	ବେସରକାରୀ	ଶାରଦ ଦୋଫସଲ-୩	୦.୦୬୦	ମିଳନୀ ପ୍ରଧାନ, ପି-ଦଶିଷ୍ଣୁ ପ୍ରଧାନ, ଗ୍ରା-ବାଲିପାଟଣା, ଜି-ଖୋର୍ଦ୍ଧା
	ଖାରପଡ଼ା	୨୦୩୬	ବେସରକାରୀ	ଶାରଦ ଦୋଫସଲ-୩	୦.୦୮୦	ପ୍ରଜାରାମ କୁମାର ରଥ, ପି-ରଶିରାମ ରଥ, ଗ୍ରା-ପ୍ଲଟ ନଂ-୪୭୭୫, ଶାସନ ପଡ଼ିଆ, ଭୁବନେଶ୍ୱର, ଥାନା-ଭୁବନେଶ୍ୱର
	ଖାରପଡ଼ା	୨୦୩୭/୩୫୫୬	ବେସରକାରୀ	ଶାରଦ ଦୋଫସଲ-୩	୦.୦୪୪	ପ୍ରଜାରାମ କୁମାର ରଥ, ପି-ରଶିରାମ ରଥ, ଗ୍ରା-ପ୍ଲଟ ନଂ-୪୭୭୫, ଶାସନ ପଡ଼ିଆ, ଭୁବନେଶ୍ୱର, ଥାନା-ଭୁବନେଶ୍ୱର
	ଖାରପଡ଼ା	୨୦୩୮	ବେସରକାରୀ	ଶାରଦ ଦୋଫସଲ-୩	୦.୦୬୫	ଦୁର୍ଯ୍ୟୋଧନ ବେହେରା, ପି-ନାଳ ବେହେରା, କୃଷ୍ଣ ବେହେରା, ପି-ଗୋପାଳ ବେହେରା, ଅନନ୍ତ ବେହେରା, ଅର୍ଜ୍ଜୁନ ବେହେରା, ପି-କାର୍ତ୍ତିକ ବେହେରା, ଘଣ୍ଡେଶ୍ୱର ବେହେରା, ଲାଙ୍ଗି ବେହେରା, ପି-ରାମ ବେହେରା, ଅଭିମନ୍ୟୁ ବେହେରା, ପି-ନାଥ ବେହେରା, ଗ୍ରା-ଖାରପଡ଼ା
	ଖାରପଡ଼ା	୨୦୪୦	ବେସରକାରୀ	ବିଆଳି ଦୋଫସଲ	୦.୦୫୦	ଭାଗା ଓଝା, ପି-ନାରା ଓଝା, ଗ୍ରା-ଖଣ୍ଡଗିରି
	ଖାରପଡ଼ା	୨୦୫୦	ବେସରକାରୀ	ଶାରଦ ଦୋଫସଲ-୨	୦.୦୫୦	ଗାସେଟନ ମହାରାଣା, ପି-ନାରାୟଣ ମହାରାଣା, ଦୟାଣ ମହାରାଣା, ପି-ନାଗ ମହାରାଣା, ଶ୍ରୀବଶ୍ୱର ମହାରାଣା, ପି-ମହେଶ ମହାରାଣା, ପୁରୀନ ମହାରାଣା, ପି-ଗୋପାଳ ମହାରାଣା, କୃଷ୍ଣ ମହାରାଣା, ପି-ଲୁକ୍ଷମୀ ମହାରାଣା, ଭାଇ ମହାରାଣା, ପି-ବୃନ୍ଦା ମହାରାଣା, ଗ୍ରା-ଖାରପଡ଼ା
See Next Pg
